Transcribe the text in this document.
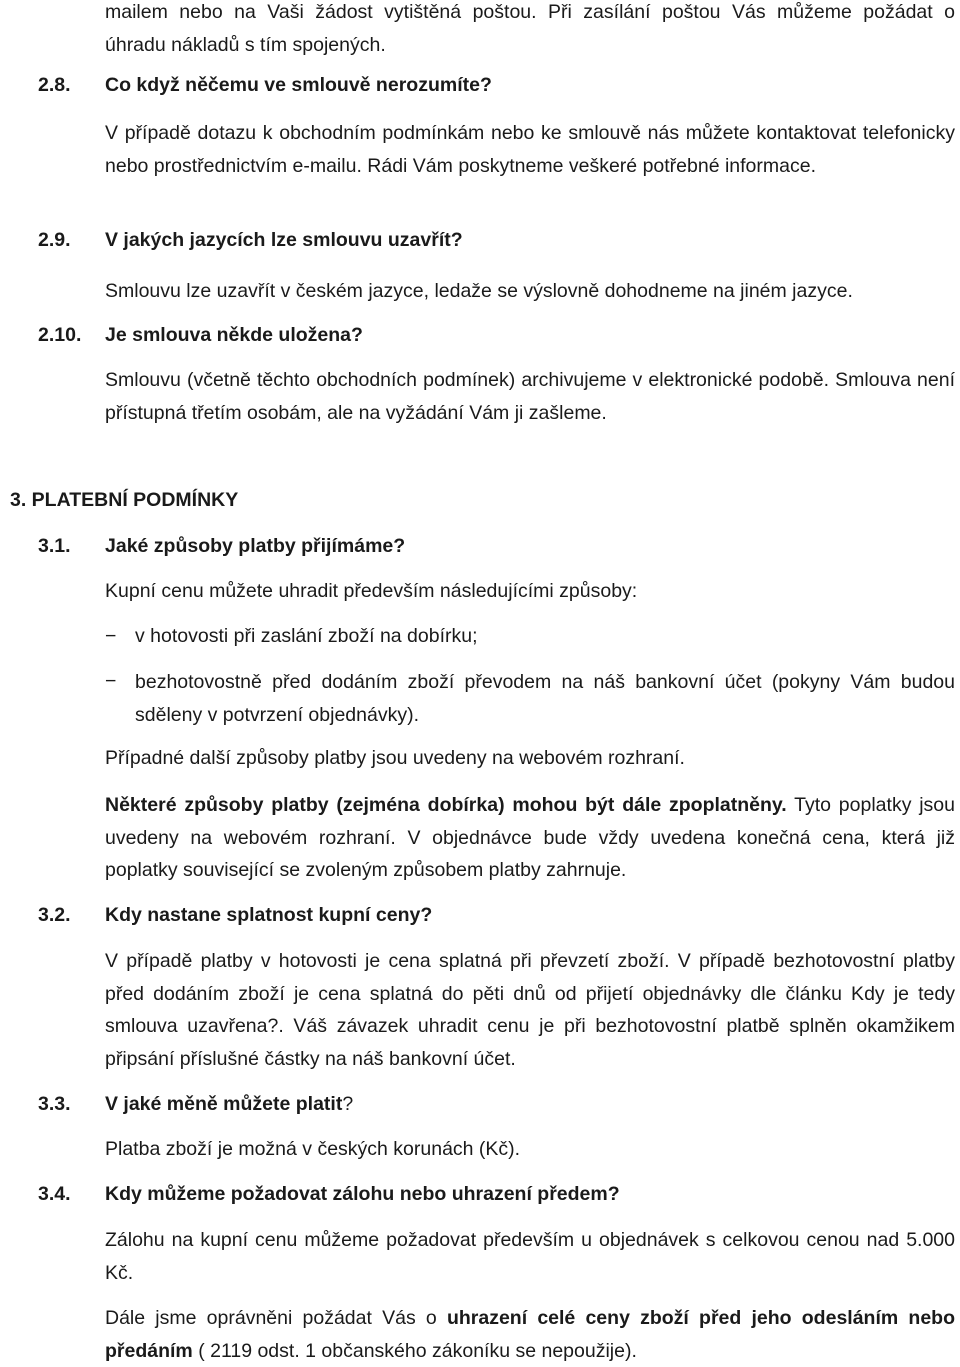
mailem nebo na Vaši žádost vytištěná poštou. Při zasílání poštou Vás můžeme požádat o
úhradu nákladů s tím spojených.
2.8. Co když něčemu ve smlouvě nerozumíte?
V případě dotazu k obchodním podmínkám nebo ke smlouvě nás můžete kontaktovat telefonicky nebo prostřednictvím e-mailu. Rádi Vám poskytneme veškeré potřebné informace.
2.9. V jakých jazycích lze smlouvu uzavřít?
Smlouvu lze uzavřít v českém jazyce, ledaže se výslovně dohodneme na jiném jazyce.
2.10. Je smlouva někde uložena?
Smlouvu (včetně těchto obchodních podmínek) archivujeme v elektronické podobě. Smlouva není přístupná třetím osobám, ale na vyžádání Vám ji zašleme.
3. PLATEBNÍ PODMÍNKY
3.1. Jaké způsoby platby přijímáme?
Kupní cenu můžete uhradit především následujícími způsoby:
− v hotovosti při zaslání zboží na dobírku;
− bezhotovostně před dodáním zboží převodem na náš bankovní účet (pokyny Vám budou sděleny v potvrzení objednávky).
Případné další způsoby platby jsou uvedeny na webovém rozhraní.
Některé způsoby platby (zejména dobírka) mohou být dále zpoplatněny. Tyto poplatky jsou uvedeny na webovém rozhraní. V objednávce bude vždy uvedena konečná cena, která již poplatky související se zvoleným způsobem platby zahrnuje.
3.2. Kdy nastane splatnost kupní ceny?
V případě platby v hotovosti je cena splatná při převzetí zboží. V případě bezhotovostní platby před dodáním zboží je cena splatná do pěti dnů od přijetí objednávky dle článku Kdy je tedy smlouva uzavřena?. Váš závazek uhradit cenu je při bezhotovostní platbě splněn okamžikem připsání příslušné částky na náš bankovní účet.
3.3. V jaké měně můžete platit?
Platba zboží je možná v českých korunách (Kč).
3.4. Kdy můžeme požadovat zálohu nebo uhrazení předem?
Zálohu na kupní cenu můžeme požadovat především u objednávek s celkovou cenou nad 5.000 Kč.
Dále jsme oprávněni požádat Vás o uhrazení celé ceny zboží před jeho odesláním nebo předáním ( 2119 odst. 1 občanského zákoníku se nepoužije).
